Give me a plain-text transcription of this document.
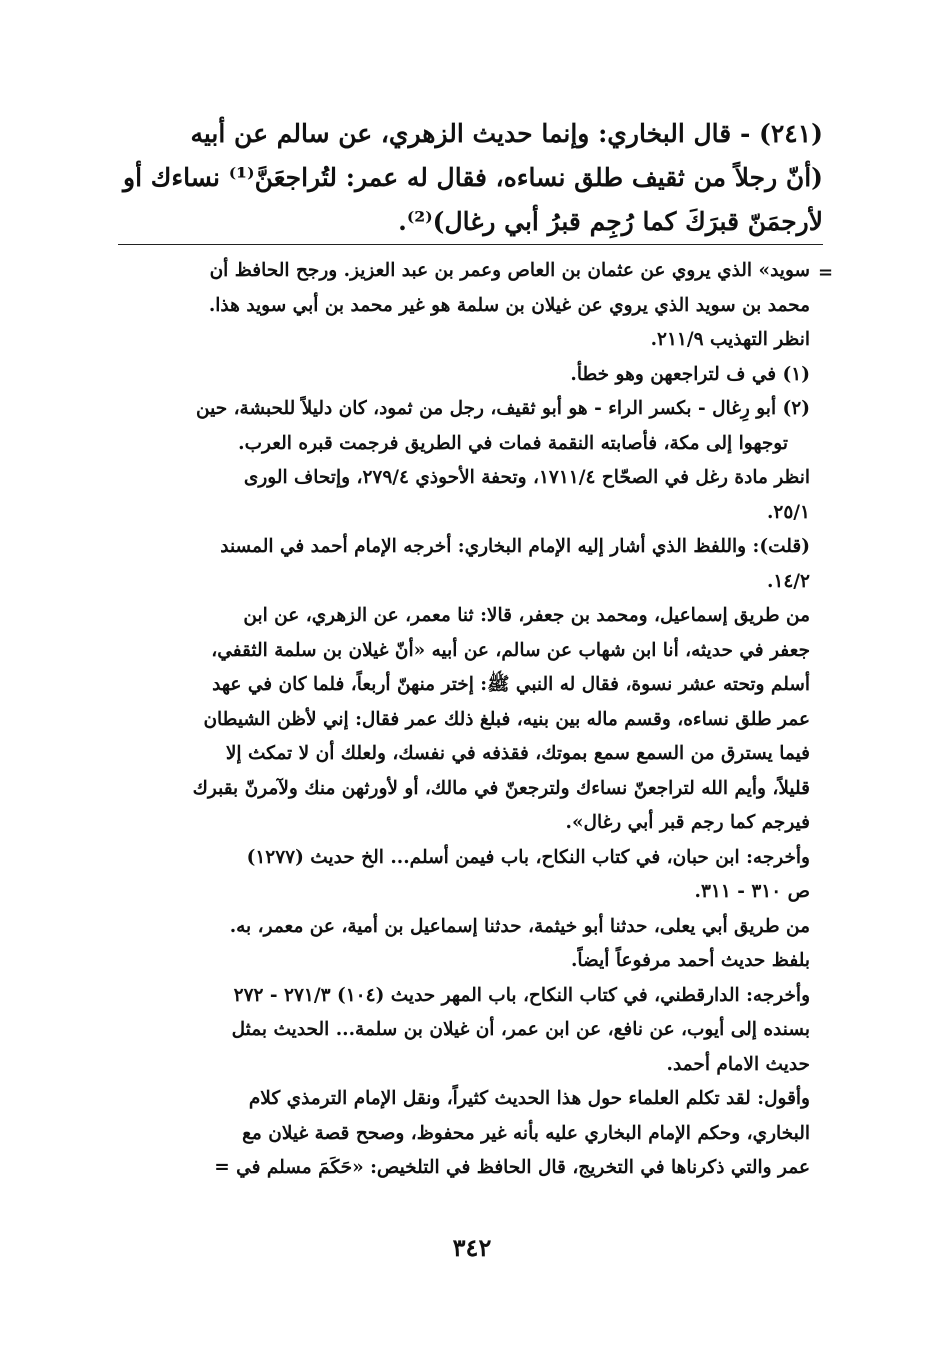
(٢٤١) - قال البخاري: وإنما حديث الزهري، عن سالم عن أبيه

(أنّ رجلاً من ثقيف طلق نساءه، فقال له عمر: لتُراجعَنَّ⁽¹⁾ نساءك أو

لأرجمَنّ قبرَكَ كما رُجِم قبرُ أبي رغال)⁽²⁾.

=

سويد» الذي يروي عن عثمان بن العاص وعمر بن عبد العزيز. ورجح الحافظ أن

محمد بن سويد الذي يروي عن غيلان بن سلمة هو غير محمد بن أبي سويد هذا.

انظر التهذيب ٢١١/٩.

(١) في ف لتراجعهن وهو خطأ.

(٢) أبو رِغال - بكسر الراء - هو أبو ثقيف، رجل من ثمود، كان دليلاً للحبشة، حين

توجهوا إلى مكة، فأصابته النقمة فمات في الطريق فرجمت قبره العرب.

انظر مادة رغل في الصحّاح ١٧١١/٤، وتحفة الأحوذي ٢٧٩/٤، وإتحاف الورى

٢٥/١.

(قلت): واللفظ الذي أشار إليه الإمام البخاري: أخرجه الإمام أحمد في المسند

١٤/٢.

من طريق إسماعيل، ومحمد بن جعفر، قالا: ثنا معمر، عن الزهري، عن ابن

جعفر في حديثه، أنا ابن شهاب عن سالم، عن أبيه «أنّ غيلان بن سلمة الثقفي،

أسلم وتحته عشر نسوة، فقال له النبي ﷺ: إختر منهنّ أربعاً، فلما كان في عهد

عمر طلق نساءه، وقسم ماله بين بنيه، فبلغ ذلك عمر فقال: إني لأظن الشيطان

فيما يسترق من السمع سمع بموتك، فقذفه في نفسك، ولعلك أن لا تمكث إلا

قليلاً، وأيم الله لتراجعنّ نساءك ولترجعنّ في مالك، أو لأورثهن منك ولآمرنّ بقبرك

فيرجم كما رجم قبر أبي رغال».

وأخرجه: ابن حبان، في كتاب النكاح، باب فيمن أسلم... الخ حديث (١٢٧٧)

ص ٣١٠ - ٣١١.

من طريق أبي يعلى، حدثنا أبو خيثمة، حدثنا إسماعيل بن أمية، عن معمر، به.

بلفظ حديث أحمد مرفوعاً أيضاً.

وأخرجه: الدارقطني، في كتاب النكاح، باب المهر حديث (١٠٤) ٢٧١/٣ - ٢٧٢

بسنده إلى أيوب، عن نافع، عن ابن عمر، أن غيلان بن سلمة... الحديث بمثل

حديث الامام أحمد.

وأقول: لقد تكلم العلماء حول هذا الحديث كثيراً، ونقل الإمام الترمذي كلام

البخاري، وحكم الإمام البخاري عليه بأنه غير محفوظ، وصحح قصة غيلان مع

عمر والتي ذكرناها في التخريج، قال الحافظ في التلخيص: «حَكَمَ مسلم في =

٣٤٢
